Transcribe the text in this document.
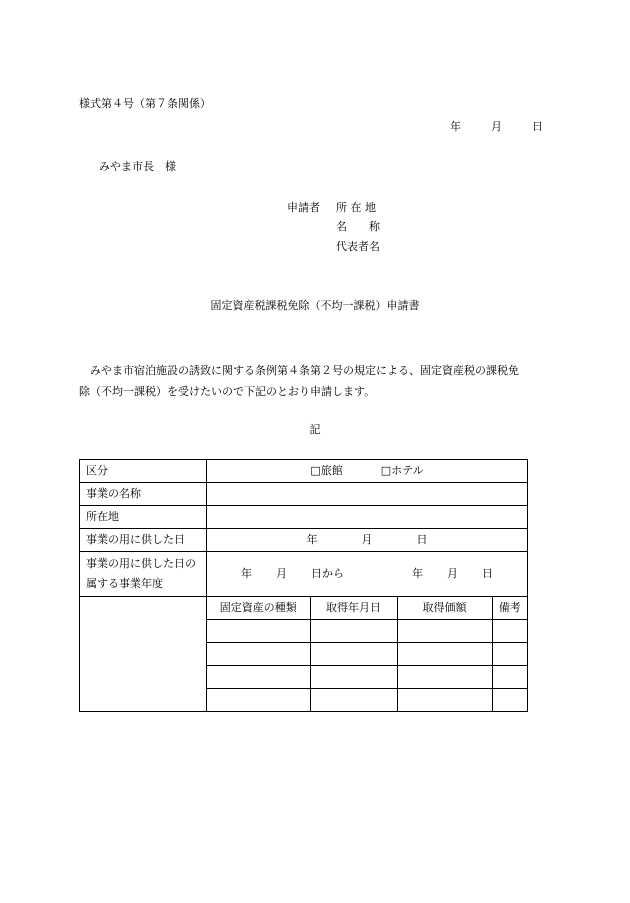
様式第４号（第７条関係）
年	月	日
みやま市長　様
申請者 所 在 地
名　　称
代表者名
固定資産税課税免除（不均一課税）申請書

　みやま市宿泊施設の誘致に関する条例第４条第２号の規定による、固定資産税の課税免

除（不均一課税）を受けたいので下記のとおり申請します。

記
区分	□旅館	□ホテル
事業の名称	
所在地	
事業の用に供した日	年	月	日

事業の用に供した日の
属する事業年度
	年 月 日から	年 月 日

固定資産の種類	取得年月日	取得価額	備考
